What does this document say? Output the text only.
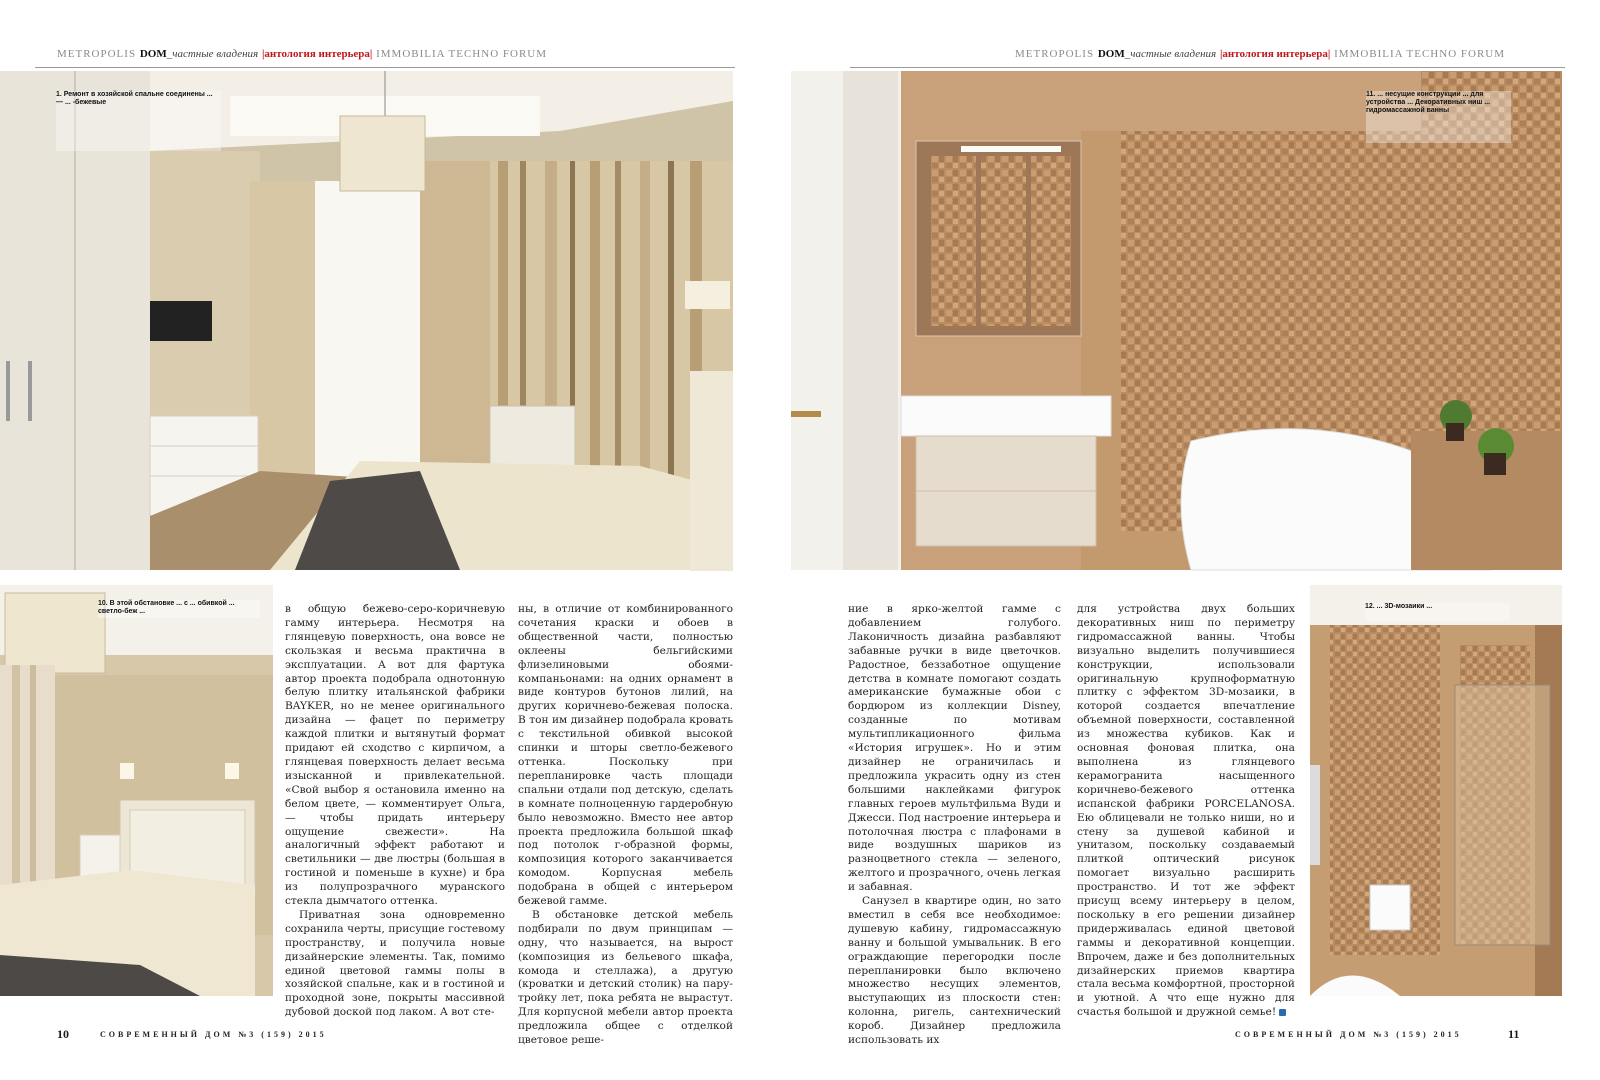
METROPOLIS DOM_частные владения |антология интерьера| IMMOBILIA TECHNO FORUM	METROPOLIS DOM_частные владения |антология интерьера| IMMOBILIA TECHNO FORUM
1. Ремонт в хозяйской спальне соединены ... — ... -бежевые
11. ... несущие конструкции ... для устройства ... Декоративных ниш ... гидромассажной ванны
10. В этой обстановке ... с ... обивкой ... светло-беж ...
12. ... 3D-мозаики ...

в общую бежево-серо-коричневую гамму интерьера. Несмотря на глянцевую поверхность, она вовсе не скользкая и весьма практична в эксплуатации. А вот для фартука автор проекта подобрала однотонную белую плитку итальянской фабрики BAYKER, но не менее оригинального дизайна — фацет по периметру каждой плитки и вытянутый формат придают ей сходство с кирпичом, а глянцевая поверхность делает весьма изысканной и привлекательной. «Свой выбор я остановила именно на белом цвете, — комментирует Ольга, — чтобы придать интерьеру ощущение свежести». На аналогичный эффект работают и светильники — две люстры (большая в гостиной и поменьше в кухне) и бра из полупрозрачного муранского стекла дымчатого оттенка.

Приватная зона одновременно сохранила черты, присущие гостевому пространству, и получила новые дизайнерские элементы. Так, помимо единой цветовой гаммы полы в хозяйской спальне, как и в гостиной и проходной зоне, покрыты массивной дубовой доской под лаком. А вот сте-

ны, в отличие от комбинированного сочетания краски и обоев в общественной части, полностью оклеены бельгийскими флизелиновыми обоями-компаньонами: на одних орнамент в виде контуров бутонов лилий, на других коричнево-бежевая полоска. В тон им дизайнер подобрала кровать с текстильной обивкой высокой спинки и шторы светло-бежевого оттенка. Поскольку при перепланировке часть площади спальни отдали под детскую, сделать в комнате полноценную гардеробную было невозможно. Вместо нее автор проекта предложила большой шкаф под потолок г-образной формы, композиция которого заканчивается комодом. Корпусная мебель подобрана в общей с интерьером бежевой гамме.

В обстановке детской мебель подбирали по двум принципам — одну, что называется, на вырост (композиция из бельевого шкафа, комода и стеллажа), а другую (кроватки и детский столик) на пару-тройку лет, пока ребята не вырастут. Для корпусной мебели автор проекта предложила общее с отделкой цветовое реше-

ние в ярко-желтой гамме с добавлением голубого. Лаконичность дизайна разбавляют забавные ручки в виде цветочков. Радостное, беззаботное ощущение детства в комнате помогают создать американские бумажные обои с бордюром из коллекции Disney, созданные по мотивам мультипликационного фильма «История игрушек». Но и этим дизайнер не ограничилась и предложила украсить одну из стен большими наклейками фигурок главных героев мультфильма Вуди и Джесси. Под настроение интерьера и потолочная люстра с плафонами в виде воздушных шариков из разноцветного стекла — зеленого, желтого и прозрачного, очень легкая и забавная.

Санузел в квартире один, но зато вместил в себя все необходимое: душевую кабину, гидромассажную ванну и большой умывальник. В его ограждающие перегородки после перепланировки было включено множество несущих элементов, выступающих из плоскости стен: колонна, ригель, сантехнический короб. Дизайнер предложила использовать их

для устройства двух больших декоративных ниш по периметру гидромассажной ванны. Чтобы визуально выделить получившиеся конструкции, использовали оригинальную крупноформатную плитку с эффектом 3D-мозаики, в которой создается впечатление объемной поверхности, составленной из множества кубиков. Как и основная фоновая плитка, она выполнена из глянцевого керамогранита насыщенного коричнево-бежевого оттенка испанской фабрики PORCELANOSA. Ею облицевали не только ниши, но и стену за душевой кабиной и унитазом, поскольку создаваемый плиткой оптический рисунок помогает визуально расширить пространство. И тот же эффект присущ всему интерьеру в целом, поскольку в его решении дизайнер придерживалась единой цветовой гаммы и декоративной концепции. Впрочем, даже и без дополнительных дизайнерских приемов квартира стала весьма комфортной, просторной и уютной. А что еще нужно для счастья большой и дружной семье!

10	СОВРЕМЕННЫЙ ДОМ №3 (159) 2015	СОВРЕМЕННЫЙ ДОМ №3 (159) 2015	11
